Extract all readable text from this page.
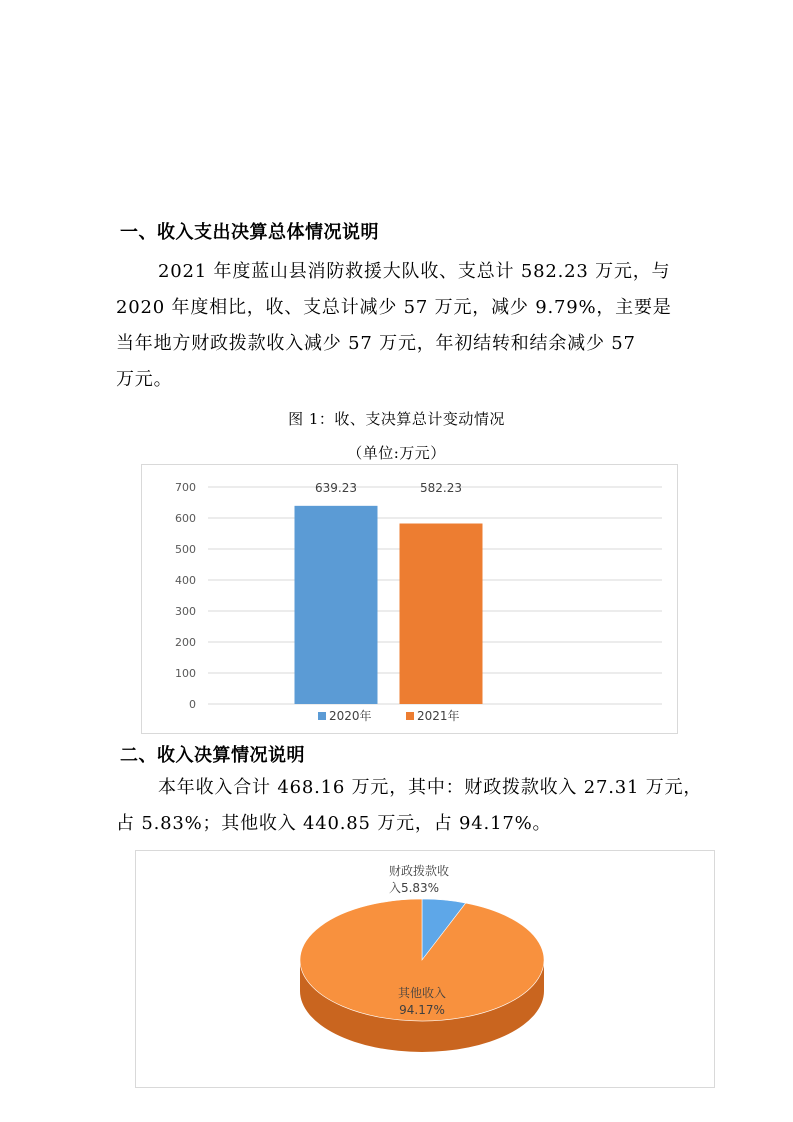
一、收入支出决算总体情况说明
2021 年度蓝山县消防救援大队收、支总计 582.23 万元，与
2020 年度相比，收、支总计减少 57 万元，减少 9.79%，主要是
当年地方财政拨款收入减少 57 万元，年初结转和结余减少 57
万元。
图 1：收、支决算总计变动情况
（单位:万元）
0
100
200
300
400
500
600
700	639.23	582.23
2020年	2021年
二、收入决算情况说明
本年收入合计 468.16 万元，其中：财政拨款收入 27.31 万元，
占 5.83%；其他收入 440.85 万元，占 94.17%。
财政拨款收
入5.83%
其他收入
94.17%
